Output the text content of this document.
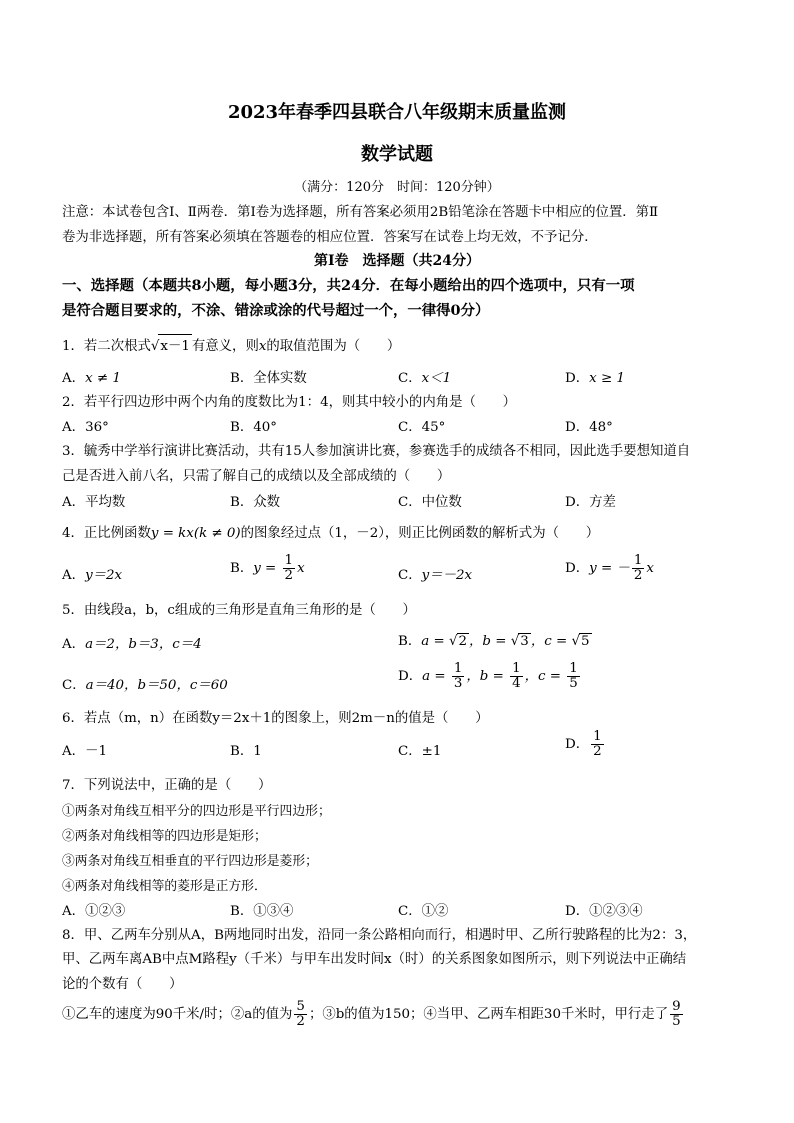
2023年春季四县联合八年级期末质量监测
数学试题
（满分：120分　时间：120分钟）
注意：本试卷包含Ⅰ、Ⅱ两卷．第Ⅰ卷为选择题，所有答案必须用2B铅笔涂在答题卡中相应的位置．第Ⅱ
卷为非选择题，所有答案必须填在答题卷的相应位置．答案写在试卷上均无效，不予记分．
第Ⅰ卷　选择题（共24分）
一、选择题（本题共8小题，每小题3分，共24分．在每小题给出的四个选项中，只有一项
是符合题目要求的，不涂、错涂或涂的代号超过一个，一律得0分）
1．若二次根式√x－1 有意义，则x的取值范围为（　　）
A．x ≠ 1	B．全体实数	C．x＜1	D．x ≥ 1
2．若平行四边形中两个内角的度数比为1：4，则其中较小的内角是（　　）
A．36°	B．40°	C．45°	D．48°
3．毓秀中学举行演讲比赛活动，共有15人参加演讲比赛，参赛选手的成绩各不相同，因此选手要想知道自
己是否进入前八名，只需了解自己的成绩以及全部成绩的（　　）
A．平均数	B．众数	C．中位数	D．方差
4．正比例函数y = kx(k ≠ 0)的图象经过点（1，－2），则正比例函数的解析式为（　　）
A．y＝2x	B．$y = \frac{1}{2}$ x	C．y＝－2x	D．y = － $\frac{1}{2}$ x
5．由线段a，b，c组成的三角形是直角三角形的是（　　）
A．a＝2，b＝3，c＝4	B．a = √2 ，b = √3 ，c = √5
C．a＝40，b＝50，c＝60
D．$a = \frac{1}{3}$ ，$b = \frac{1}{4}$ ，$c = \frac{1}{5}$
6．若点（m，n）在函数y＝2x＋1的图象上，则2m－n的值是（　　）
A．－1	B．1	C．±1	D． $\frac{1}{2}$
7．下列说法中，正确的是（　　）
①两条对角线互相平分的四边形是平行四边形；
②两条对角线相等的四边形是矩形；
③两条对角线互相垂直的平行四边形是菱形；
④两条对角线相等的菱形是正方形．
A．①②③	B．①③④	C．①②	D．①②③④
8．甲、乙两车分别从A，B两地同时出发，沿同一条公路相向而行，相遇时甲、乙所行驶路程的比为2：3，
甲、乙两车离AB中点M路程y（千米）与甲车出发时间x（时）的关系图象如图所示，则下列说法中正确结
论的个数有（　　）
①乙车的速度为90千米/时；②a的值为 $\frac{5}{2}$ ；③b的值为150；④当甲、乙两车相距30千米时，甲行走了 $\frac{9}{5}$
